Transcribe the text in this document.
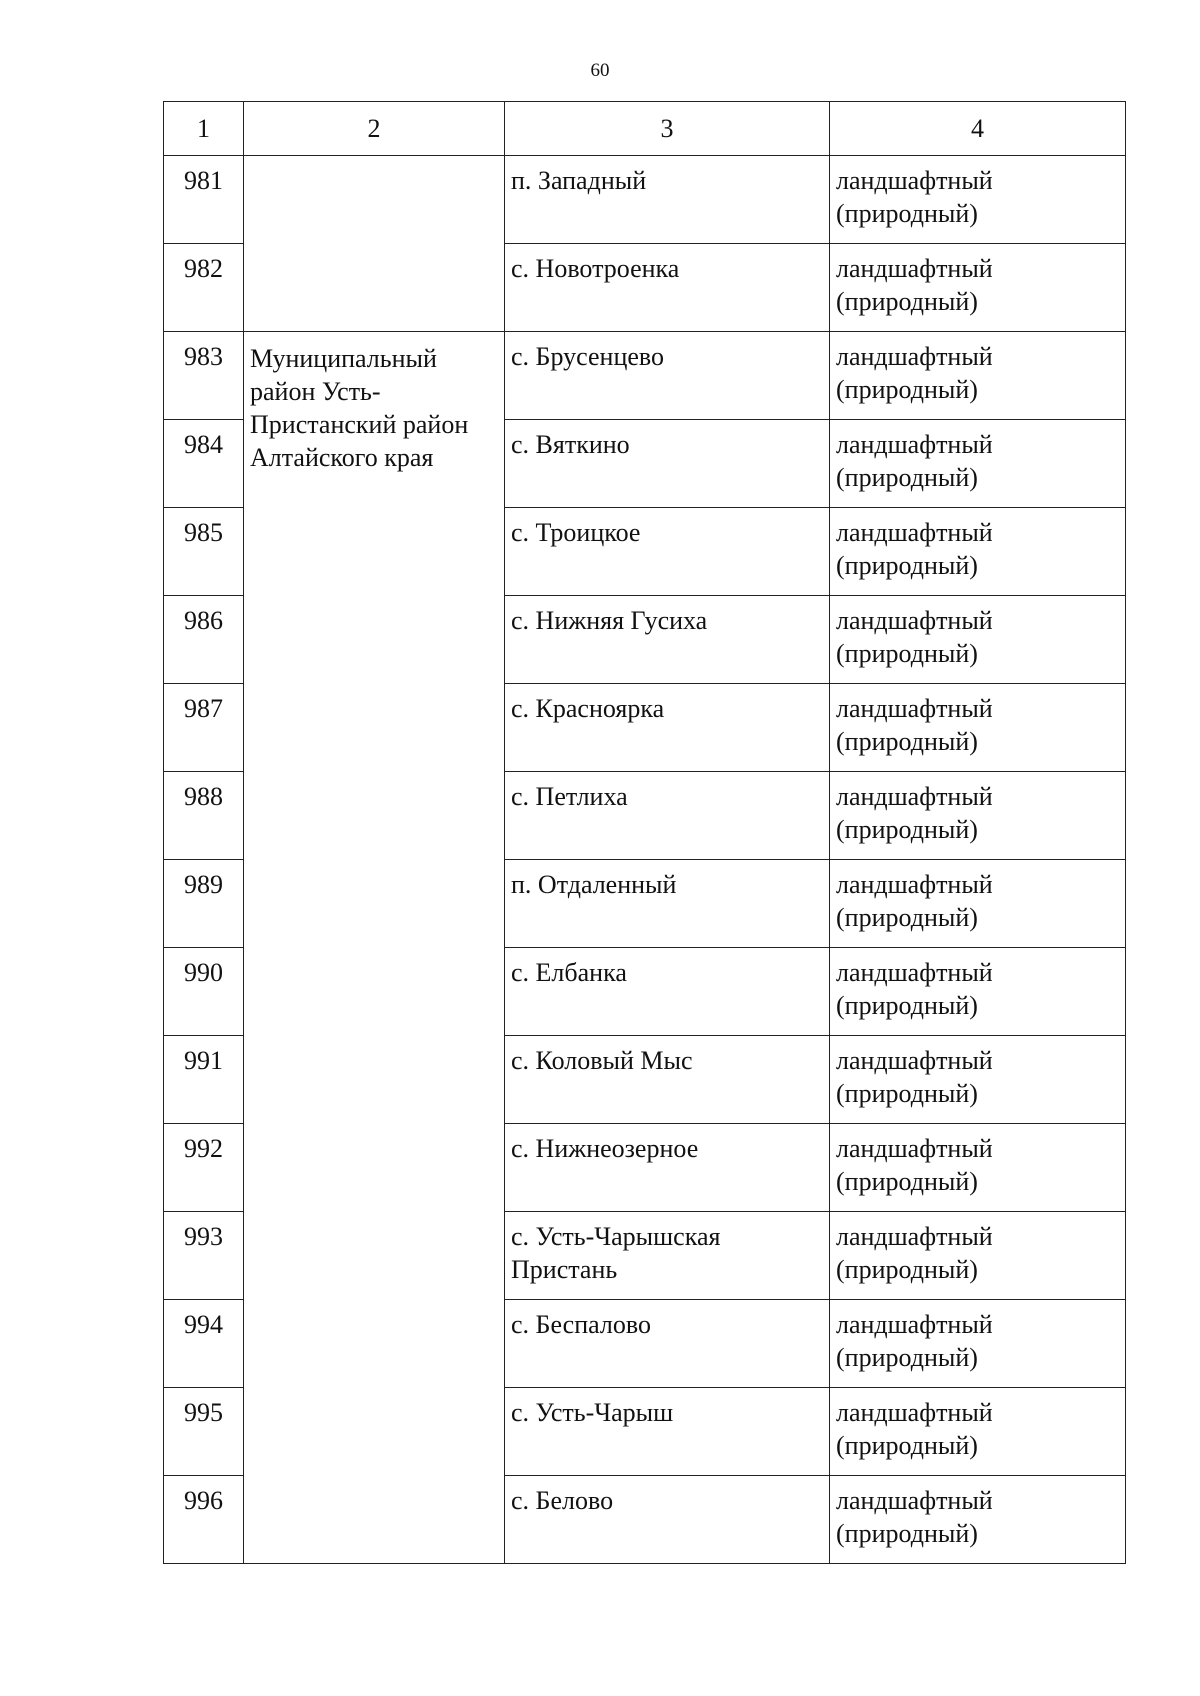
60
1	2	3	4
981		п. Западный	ландшафтный (природный)
982		с. Новотроенка	ландшафтный (природный)
983	Муниципальный район Усть-Пристанский район Алтайского края	с. Брусенцево	ландшафтный (природный)
984		с. Вяткино	ландшафтный (природный)
985		с. Троицкое	ландшафтный (природный)
986		с. Нижняя Гусиха	ландшафтный (природный)
987		с. Красноярка	ландшафтный (природный)
988		с. Петлиха	ландшафтный (природный)
989		п. Отдаленный	ландшафтный (природный)
990		с. Елбанка	ландшафтный (природный)
991		с. Коловый Мыс	ландшафтный (природный)
992		с. Нижнеозерное	ландшафтный (природный)
993		с. Усть-Чарышская Пристань	ландшафтный (природный)
994		с. Беспалово	ландшафтный (природный)
995		с. Усть-Чарыш	ландшафтный (природный)
996		с. Белово	ландшафтный (природный)
